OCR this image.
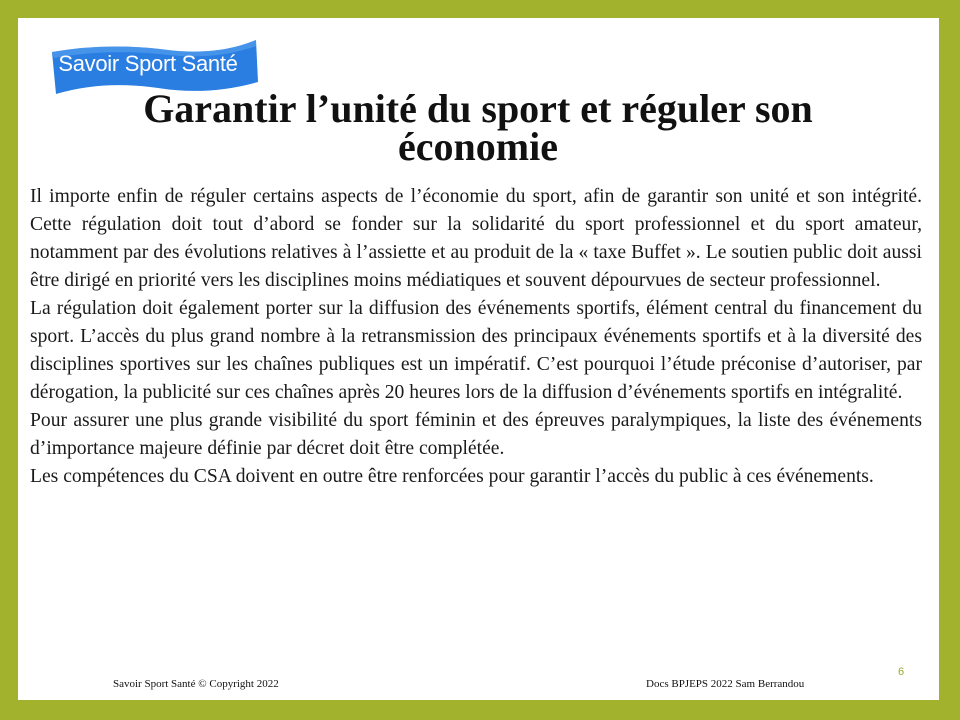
Savoir Sport Santé
Garantir l’unité du sport et réguler son économie

Il importe enfin de réguler certains aspects de l’économie du sport, afin de garantir son unité et son intégrité. Cette régulation doit tout d’abord se fonder sur la solidarité du sport professionnel et du sport amateur, notamment par des évolutions relatives à l’assiette et au produit de la « taxe Buffet ». Le soutien public doit aussi être dirigé en priorité vers les disciplines moins médiatiques et souvent dépourvues de secteur professionnel.

La régulation doit également porter sur la diffusion des événements sportifs, élément central du financement du sport. L’accès du plus grand nombre à la retransmission des principaux événements sportifs et à la diversité des disciplines sportives sur les chaînes publiques est un impératif. C’est pourquoi l’étude préconise d’autoriser, par dérogation, la publicité sur ces chaînes après 20 heures lors de la diffusion d’événements sportifs en intégralité.

Pour assurer une plus grande visibilité du sport féminin et des épreuves paralympiques, la liste des événements d’importance majeure définie par décret doit être complétée.

Les compétences du CSA doivent en outre être renforcées pour garantir l’accès du public à ces événements.

Savoir Sport Santé © Copyright 2022	Docs BPJEPS 2022 Sam Berrandou
6
